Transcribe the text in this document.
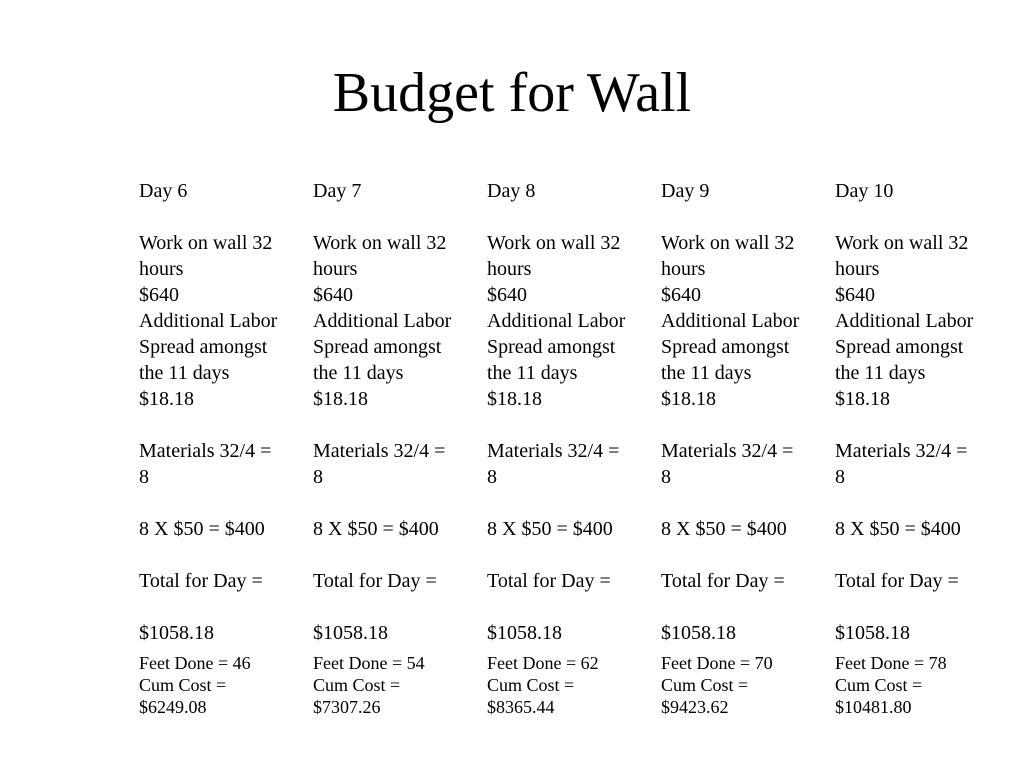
Budget for Wall
Day 6
Work on wall 32
hours
$640
Additional Labor
Spread amongst
the 11 days
$18.18
Materials 32/4 =
8
8 X $50 = $400
Total for Day =
$1058.18
Feet Done = 46
Cum Cost =
$6249.08
Day 7
Work on wall 32
hours
$640
Additional Labor
Spread amongst
the 11 days
$18.18
Materials 32/4 =
8
8 X $50 = $400
Total for Day =
$1058.18
Feet Done = 54
Cum Cost =
$7307.26
Day 8
Work on wall 32
hours
$640
Additional Labor
Spread amongst
the 11 days
$18.18
Materials 32/4 =
8
8 X $50 = $400
Total for Day =
$1058.18
Feet Done = 62
Cum Cost =
$8365.44
Day 9
Work on wall 32
hours
$640
Additional Labor
Spread amongst
the 11 days
$18.18
Materials 32/4 =
8
8 X $50 = $400
Total for Day =
$1058.18
Feet Done = 70
Cum Cost =
$9423.62
Day 10
Work on wall 32
hours
$640
Additional Labor
Spread amongst
the 11 days
$18.18
Materials 32/4 =
8
8 X $50 = $400
Total for Day =
$1058.18
Feet Done = 78
Cum Cost =
$10481.80
